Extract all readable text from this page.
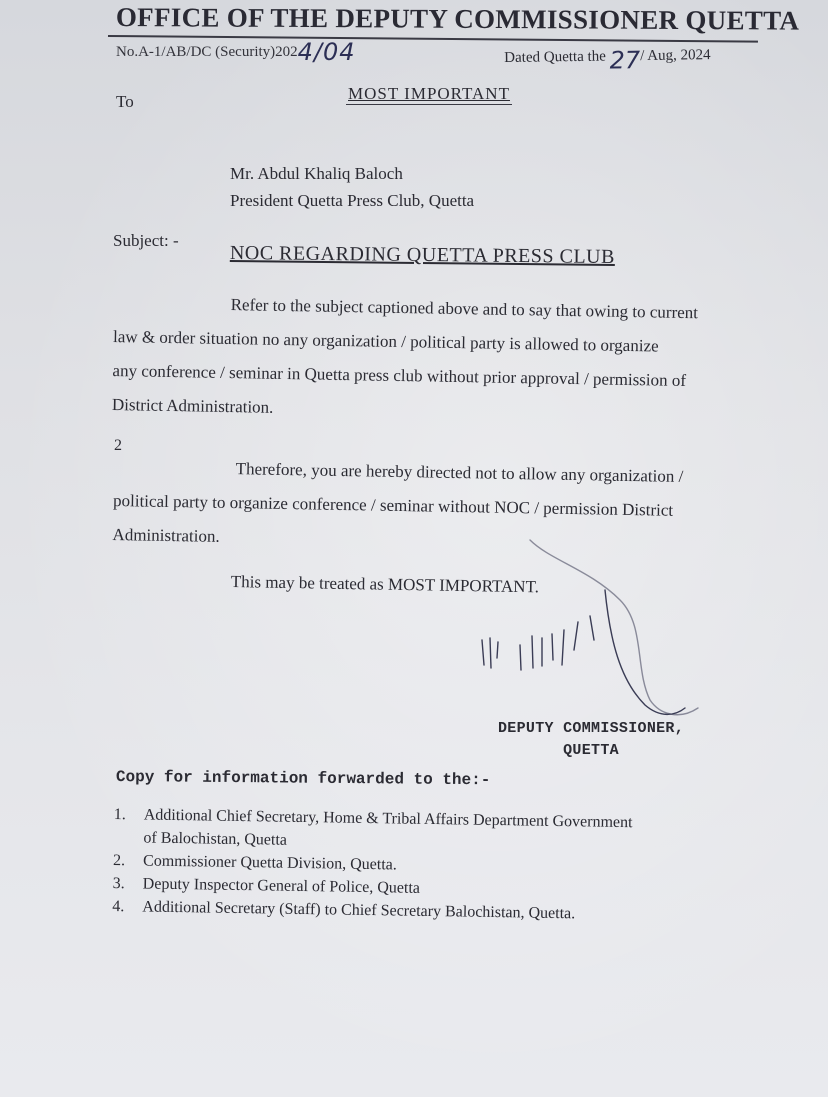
OFFICE OF THE DEPUTY COMMISSIONER QUETTA
No.A-1/AB/DC (Security)2024/04	Dated Quetta the 27/ Aug, 2024
MOST IMPORTANT
To
Mr. Abdul Khaliq Baloch
President Quetta Press Club, Quetta
Subject: -
NOC REGARDING QUETTA PRESS CLUB
Refer to the subject captioned above and to say that owing to current
law & order situation no any organization / political party is allowed to organize
any conference / seminar in Quetta press club without prior approval / permission of
District Administration.
2
Therefore, you are hereby directed not to allow any organization /
political party to organize conference / seminar without NOC / permission District
Administration.
This may be treated as MOST IMPORTANT.
DEPUTY COMMISSIONER,
QUETTA
Copy for information forwarded to the:-
1. Additional Chief Secretary, Home & Tribal Affairs Department Government
of Balochistan, Quetta
2. Commissioner Quetta Division, Quetta.
3. Deputy Inspector General of Police, Quetta
4. Additional Secretary (Staff) to Chief Secretary Balochistan, Quetta.
